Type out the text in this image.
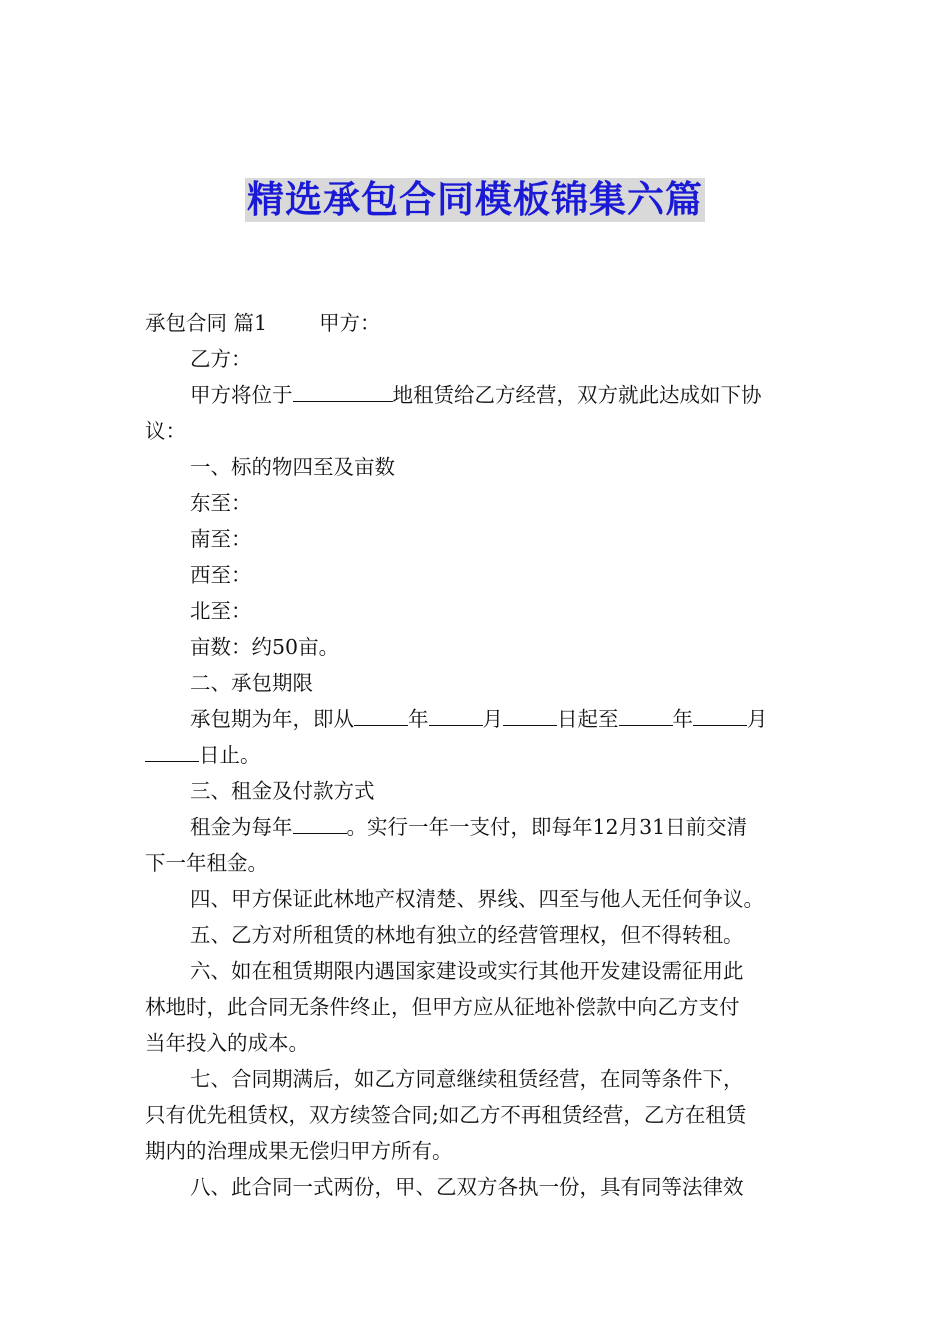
精选承包合同模板锦集六篇

承包合同 篇1	甲方：

乙方：

甲方将位于	地租赁给乙方经营，双方就此达成如下协

议：

一、标的物四至及亩数

东至：

南至：

西至：

北至：

亩数：约50亩。

二、承包期限

承包期为年，即从	年	月	日起至	年	月

日止。

三、租金及付款方式

租金为每年	。实行一年一支付，即每年12月31日前交清

下一年租金。

四、甲方保证此林地产权清楚、界线、四至与他人无任何争议。

五、乙方对所租赁的林地有独立的经营管理权，但不得转租。

六、如在租赁期限内遇国家建设或实行其他开发建设需征用此

林地时，此合同无条件终止，但甲方应从征地补偿款中向乙方支付

当年投入的成本。

七、合同期满后，如乙方同意继续租赁经营，在同等条件下，

只有优先租赁权，双方续签合同;如乙方不再租赁经营，乙方在租赁

期内的治理成果无偿归甲方所有。

八、此合同一式两份，甲、乙双方各执一份，具有同等法律效
